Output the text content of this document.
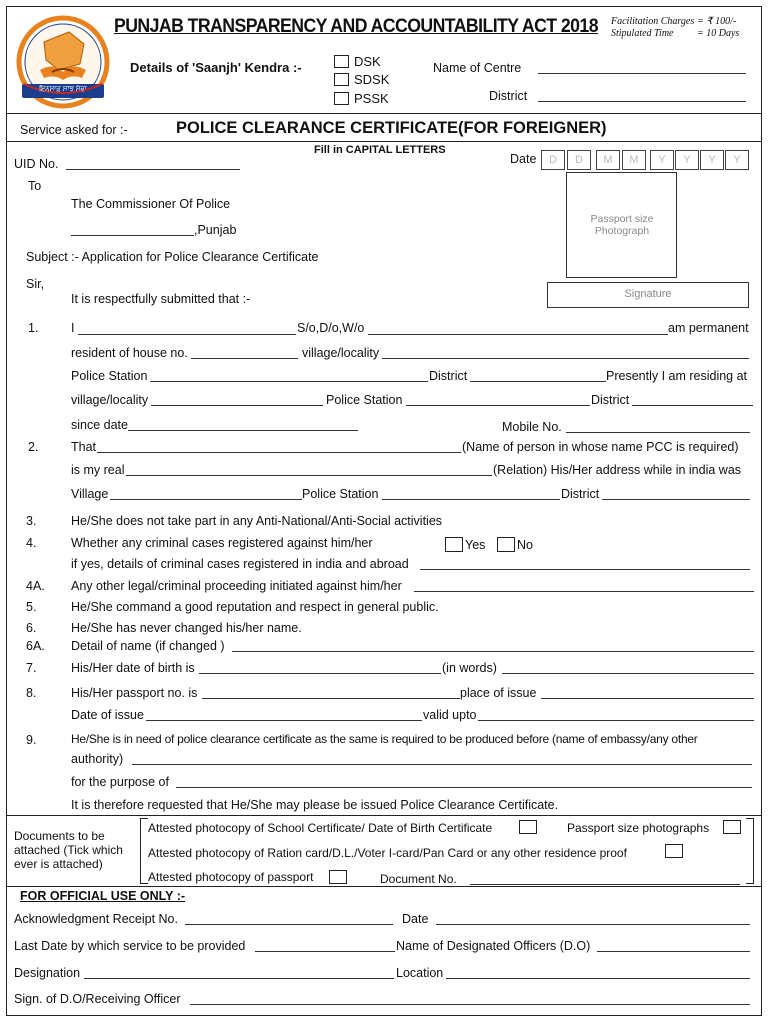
ਇਨਸਾਫ਼ ਸਾਂਝ ਸੇਵਾ
PUNJAB TRANSPARENCY AND ACCOUNTABILITY ACT 2018 Facilitation Charges = ₹ 100/-
Stipulated Time = 10 Days
Details of 'Saanjh' Kendra :-	DSK
SDSK
PSSK
Name of Centre
District
Service asked for :-	POLICE CLEARANCE CERTIFICATE(FOR FOREIGNER)
Fill in CAPITAL LETTERS
UID No.	Date	D	D	M	M	Y	Y	Y	Y
To
The Commissioner Of Police
,Punjab
Subject :- Application for Police Clearance Certificate
Sir,
It is respectfully submitted that :-
Passport size Photograph
Signature
1.	I	S/o,D/o,W/o	am permanent
resident of house no.	village/locality
Police Station	District	Presently I am residing at
village/locality	Police Station	District
since date	Mobile No.
2.	That	(Name of person in whose name PCC is required)
is my real	(Relation) His/Her address while in india was
Village	Police Station	District
3.	He/She does not take part in any Anti-National/Anti-Social activities
4.	Whether any criminal cases registered against him/her	Yes	No
if yes, details of criminal cases registered in india and abroad
4A. Any other legal/criminal proceeding initiated against him/her
5.	He/She command a good reputation and respect in general public.
6.	He/She has never changed his/her name.
6A. Detail of name (if changed )
7.	His/Her date of birth is	(in words)
8.	His/Her passport no. is	place of issue
Date of issue	valid upto
9.	He/She is in need of police clearance certificate as the same is required to be produced before (name of embassy/any other
authority)
for the purpose of
It is therefore requested that He/She may please be issued Police Clearance Certificate.
Documents to be attached (Tick which ever is attached)
Attested photocopy of School Certificate/ Date of Birth Certificate	Passport size photographs
Attested photocopy of Ration card/D.L./Voter I-card/Pan Card or any other residence proof
Attested photocopy of passport	Document No.
FOR OFFICIAL USE ONLY :-
Acknowledgment Receipt No.	Date
Last Date by which service to be provided	Name of Designated Officers (D.O)
Designation	Location
Sign. of D.O/Receiving Officer
